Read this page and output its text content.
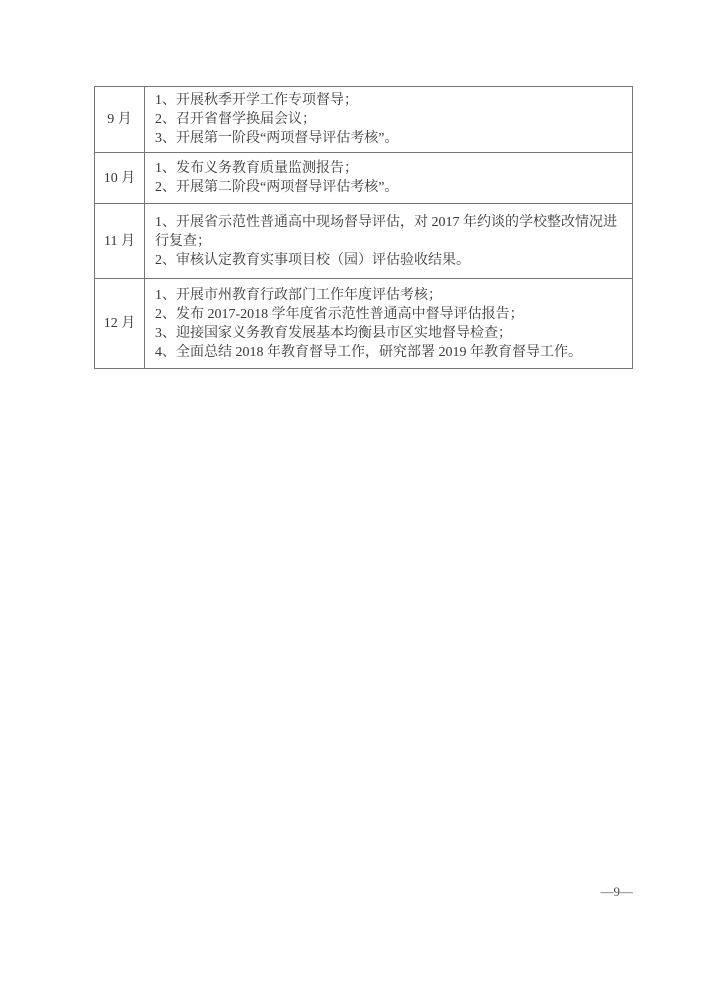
9 月	1、开展秋季开学工作专项督导；
2、召开省督学换届会议；
3、开展第一阶段“两项督导评估考核”。

10 月	1、发布义务教育质量监测报告；
2、开展第二阶段“两项督导评估考核”。

11 月	1、开展省示范性普通高中现场督导评估，对 2017 年约谈的学校整改情况进行复查；
2、审核认定教育实事项目校（园）评估验收结果。

12 月	1、开展市州教育行政部门工作年度评估考核；
2、发布 2017-2018 学年度省示范性普通高中督导评估报告；
3、迎接国家义务教育发展基本均衡县市区实地督导检查；
4、全面总结 2018 年教育督导工作，研究部署 2019 年教育督导工作。
—9—
